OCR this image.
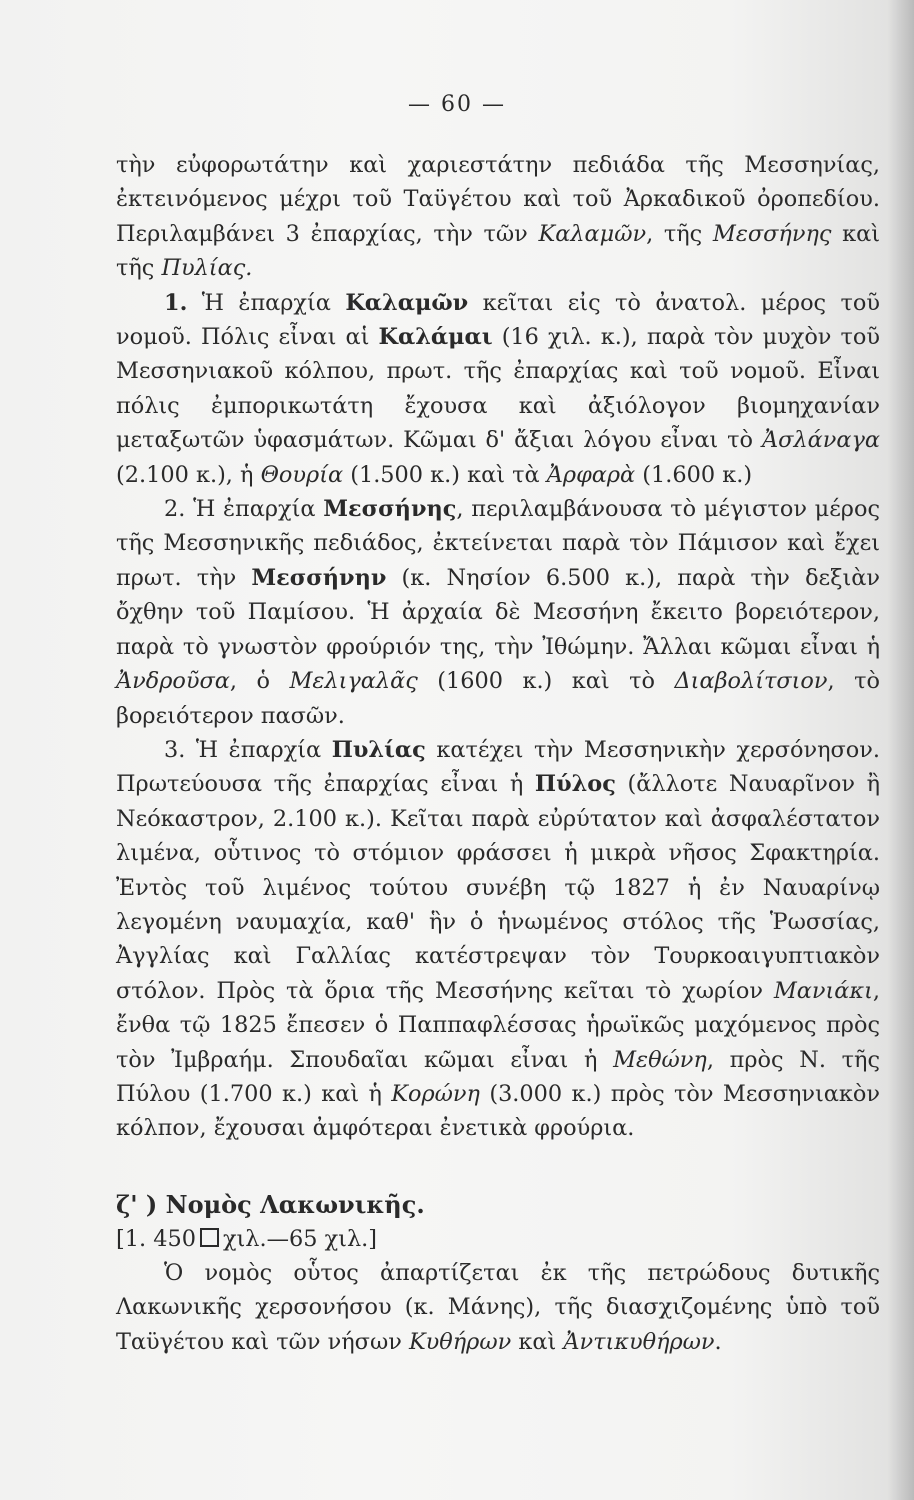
— 60 —

τὴν εὐφορωτάτην καὶ χαριεστάτην πεδιάδα τῆς Μεσσηνίας, ἐκτεινόμενος μέχρι τοῦ Ταϋγέτου καὶ τοῦ Ἀρκαδικοῦ ὀροπεδίου. Περιλαμβάνει 3 ἐπαρχίας, τὴν τῶν Καλαμῶν, τῆς Μεσσήνης καὶ τῆς Πυλίας.

1. Ἡ ἐπαρχία Καλαμῶν κεῖται εἰς τὸ ἀνατολ. μέρος τοῦ νομοῦ. Πόλις εἶναι αἱ Καλάμαι (16 χιλ. κ.), παρὰ τὸν μυχὸν τοῦ Μεσσηνιακοῦ κόλπου, πρωτ. τῆς ἐπαρχίας καὶ τοῦ νομοῦ. Εἶναι πόλις ἐμπορικωτάτη ἔχουσα καὶ ἀξιόλογον βιομηχανίαν μεταξωτῶν ὑφασμάτων. Κῶμαι δ' ἄξιαι λόγου εἶναι τὸ Ἀσλάναγα (2.100 κ.), ἡ Θουρία (1.500 κ.) καὶ τὰ Ἀρφαρὰ (1.600 κ.)

2. Ἡ ἐπαρχία Μεσσήνης, περιλαμβάνουσα τὸ μέγιστον μέρος τῆς Μεσσηνικῆς πεδιάδος, ἐκτείνεται παρὰ τὸν Πάμισον καὶ ἔχει πρωτ. τὴν Μεσσήνην (κ. Νησίον 6.500 κ.), παρὰ τὴν δεξιὰν ὄχθην τοῦ Παμίσου. Ἡ ἀρχαία δὲ Μεσσήνη ἔκειτο βορειότερον, παρὰ τὸ γνωστὸν φρούριόν της, τὴν Ἰθώμην. Ἄλλαι κῶμαι εἶναι ἡ Ἀνδροῦσα, ὁ Μελιγαλᾶς (1600 κ.) καὶ τὸ Διαβολίτσιον, τὸ βορειότερον πασῶν.

3. Ἡ ἐπαρχία Πυλίας κατέχει τὴν Μεσσηνικὴν χερσόνησον. Πρωτεύουσα τῆς ἐπαρχίας εἶναι ἡ Πύλος (ἄλλοτε Ναυαρῖνον ἢ Νεόκαστρον, 2.100 κ.). Κεῖται παρὰ εὐρύτατον καὶ ἀσφαλέστατον λιμένα, οὗτινος τὸ στόμιον φράσσει ἡ μικρὰ νῆσος Σφακτηρία. Ἐντὸς τοῦ λιμένος τούτου συνέβη τῷ 1827 ἡ ἐν Ναυαρίνῳ λεγομένη ναυμαχία, καθ' ἣν ὁ ἡνωμένος στόλος τῆς Ῥωσσίας, Ἀγγλίας καὶ Γαλλίας κατέστρεψαν τὸν Τουρκοαιγυπτιακὸν στόλον. Πρὸς τὰ ὅρια τῆς Μεσσήνης κεῖται τὸ χωρίον Μανιάκι, ἔνθα τῷ 1825 ἔπεσεν ὁ Παππαφλέσσας ἡρωϊκῶς μαχόμενος πρὸς τὸν Ἰμβραήμ. Σπουδαῖαι κῶμαι εἶναι ἡ Μεθώνη, πρὸς Ν. τῆς Πύλου (1.700 κ.) καὶ ἡ Κορώνη (3.000 κ.) πρὸς τὸν Μεσσηνιακὸν κόλπον, ἔχουσαι ἀμφότεραι ἐνετικὰ φρούρια.

ζ' ) Νομὸς Λακωνικῆς.

[1. 450 χιλ.—65 χιλ.]

Ὁ νομὸς οὗτος ἀπαρτίζεται ἐκ τῆς πετρώδους δυτικῆς Λακωνικῆς χερσονήσου (κ. Μάνης), τῆς διασχιζομένης ὑπὸ τοῦ Ταϋγέτου καὶ τῶν νήσων Κυθήρων καὶ Ἀντικυθήρων.
